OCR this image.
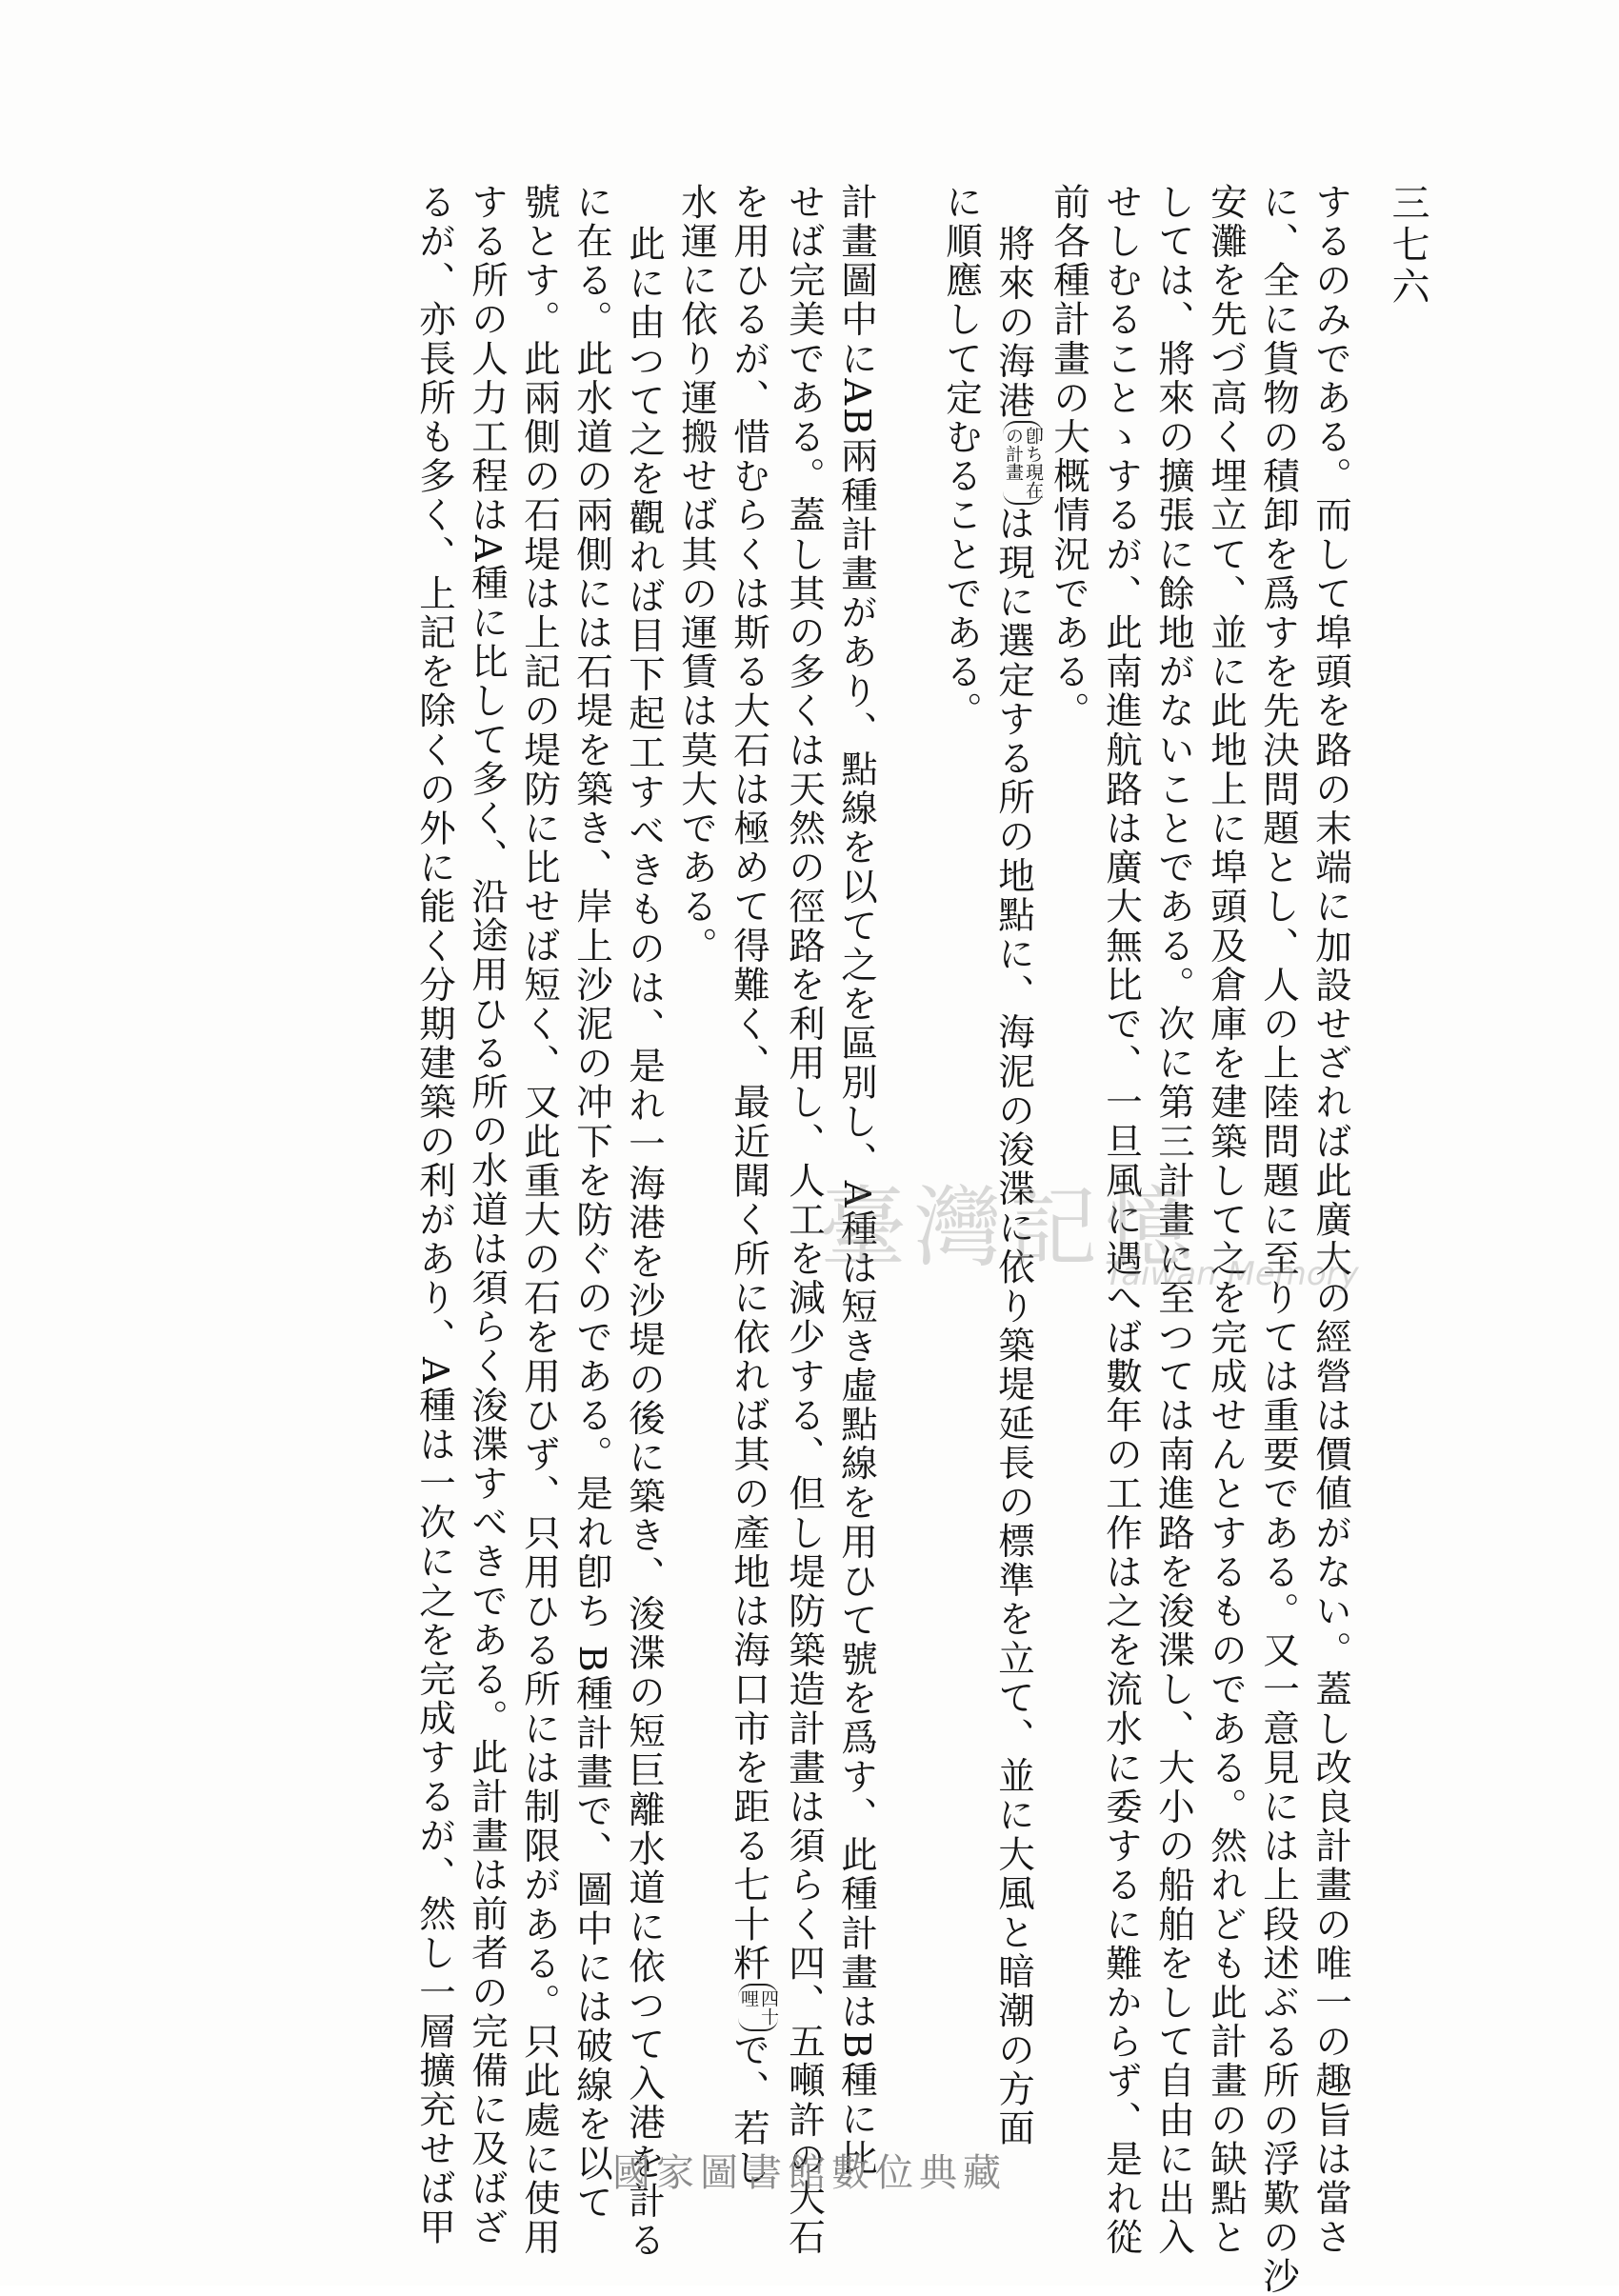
三七六
するのみである。而して埠頭を路の末端に加設せざれば此廣大の經營は價値がない。蓋し改良計畫の唯一の趣旨は當さ
に、全に貨物の積卸を爲すを先決問題とし、人の上陸問題に至りては重要である。又一意見には上段述ぶる所の浮歎の沙
安灘を先づ高く埋立て、並に此地上に埠頭及倉庫を建築して之を完成せんとするものである。然れども此計畫の缺點と
しては、將來の擴張に餘地がないことである。次に第三計畫に至つては南進路を浚渫し、大小の船舶をして自由に出入
せしむることゝするが、此南進航路は廣大無比で、一旦風に遇へば數年の工作は之を流水に委するに難からず、是れ從
前各種計畫の大概情況である。
將來の海港
卽ち現在
の計畫
は現に選定する所の地點に、海泥の浚渫に依り築堤延長の標準を立て、並に大風と暗潮の方面
に順應して定むることである。
計畫圖中にAB兩種計畫があり、點線を以て之を區別し、A種は短き虛點線を用ひて號を爲す、此種計畫はB種に比
せば完美である。蓋し其の多くは天然の徑路を利用し、人工を減少する、但し堤防築造計畫は須らく四、五噸許の大石
を用ひるが、惜むらくは斯る大石は極めて得難く、最近聞く所に依れば其の產地は海口市を距る七十粁
四十
哩
で、若し
水運に依り運搬せば其の運賃は莫大である。
此に由つて之を觀れば目下起工すべきものは、是れ一海港を沙堤の後に築き、浚渫の短巨離水道に依つて入港を計る
に在る。此水道の兩側には石堤を築き、岸上沙泥の冲下を防ぐのである。是れ卽ち B種計畫で、圖中には破線を以て
號とす。此兩側の石堤は上記の堤防に比せば短く、又此重大の石を用ひず、只用ひる所には制限がある。只此處に使用
する所の人力工程はA種に比して多く、沿途用ひる所の水道は須らく浚渫すべきである。此計畫は前者の完備に及ばざ
るが、亦長所も多く、上記を除くの外に能く分期建築の利があり、A種は一次に之を完成するが、然し一層擴充せば甲	臺灣記憶
Taiwan Memory
國家圖書館數位典藏
